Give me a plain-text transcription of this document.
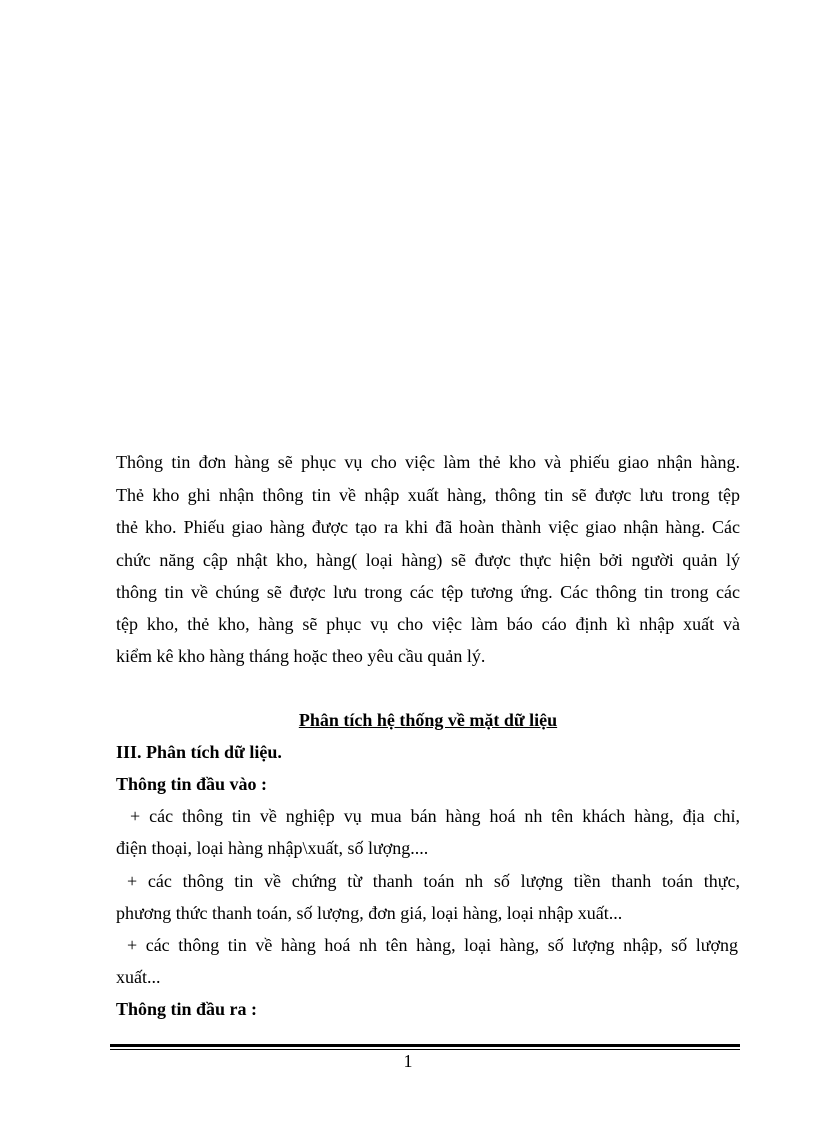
Thông tin đơn hàng sẽ phục vụ cho việc làm thẻ kho và phiếu giao nhận hàng.
Thẻ kho ghi nhận thông tin về nhập xuất hàng, thông tin sẽ được lưu trong tệp
thẻ kho. Phiếu giao hàng được tạo ra khi đã hoàn thành việc giao nhận hàng. Các
chức năng cập nhật kho, hàng( loại hàng) sẽ được thực hiện bởi người quản lý
thông tin về chúng sẽ được lưu trong các tệp tương ứng. Các thông tin trong các
tệp kho, thẻ kho, hàng sẽ phục vụ cho việc làm báo cáo định kì nhập xuất và
kiểm kê kho hàng tháng hoặc theo yêu cầu quản lý.
Phân tích hệ thống về mặt dữ liệu
III. Phân tích dữ liệu.
Thông tin đầu vào :
+ các thông tin về nghiệp vụ mua bán hàng hoá nh tên khách hàng, địa chỉ,
điện thoại, loại hàng nhập\xuất, số lượng....
+ các thông tin về chứng từ thanh toán nh số lượng tiền thanh toán thực,
phương thức thanh toán, số lượng, đơn giá, loại hàng, loại nhập xuất...
+ các thông tin về hàng hoá nh tên hàng, loại hàng, số lượng nhập, số lượng
xuất...
Thông tin đầu ra :
1
